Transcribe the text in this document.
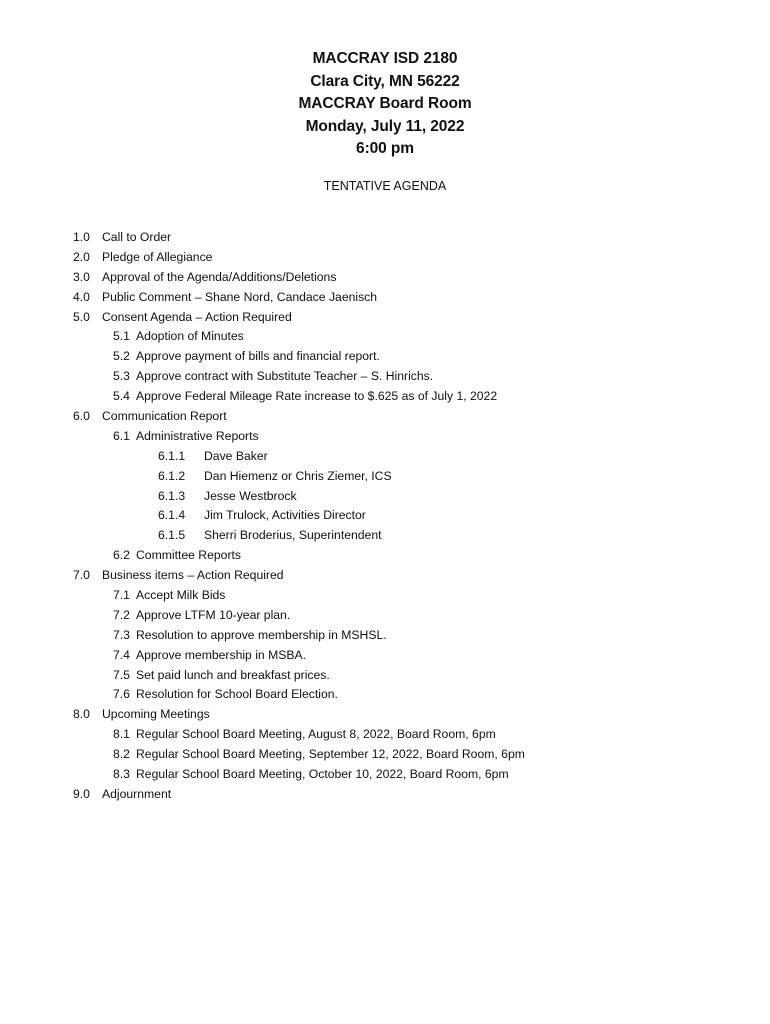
MACCRAY ISD 2180
Clara City, MN 56222
MACCRAY Board Room
Monday, July 11, 2022
6:00 pm
TENTATIVE AGENDA
1.0 Call to Order
2.0 Pledge of Allegiance
3.0 Approval of the Agenda/Additions/Deletions
4.0 Public Comment – Shane Nord, Candace Jaenisch
5.0 Consent Agenda – Action Required
5.1 Adoption of Minutes
5.2 Approve payment of bills and financial report.
5.3 Approve contract with Substitute Teacher – S. Hinrichs.
5.4 Approve Federal Mileage Rate increase to $.625 as of July 1, 2022
6.0 Communication Report
6.1 Administrative Reports
6.1.1 Dave Baker
6.1.2 Dan Hiemenz or Chris Ziemer, ICS
6.1.3 Jesse Westbrock
6.1.4 Jim Trulock, Activities Director
6.1.5 Sherri Broderius, Superintendent
6.2 Committee Reports
7.0 Business items – Action Required
7.1 Accept Milk Bids
7.2 Approve LTFM 10-year plan.
7.3 Resolution to approve membership in MSHSL.
7.4 Approve membership in MSBA.
7.5 Set paid lunch and breakfast prices.
7.6 Resolution for School Board Election.
8.0 Upcoming Meetings
8.1 Regular School Board Meeting, August 8, 2022, Board Room, 6pm
8.2 Regular School Board Meeting, September 12, 2022, Board Room, 6pm
8.3 Regular School Board Meeting, October 10, 2022, Board Room, 6pm
9.0 Adjournment
